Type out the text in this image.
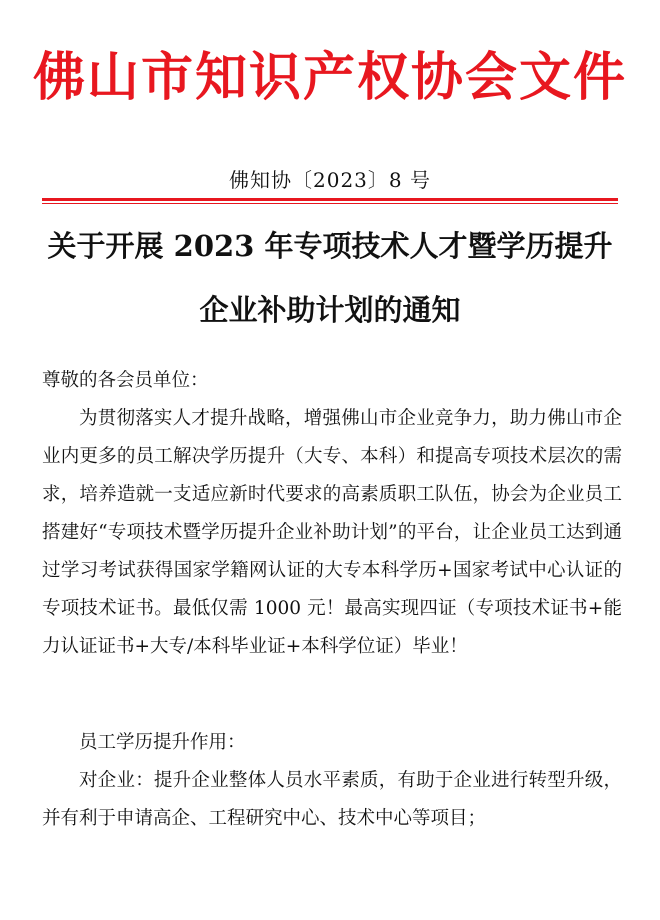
佛山市知识产权协会文件
佛知协〔2023〕8 号
关于开展 2023 年专项技术人才暨学历提升
企业补助计划的通知
尊敬的各会员单位：
为贯彻落实人才提升战略，增强佛山市企业竞争力，助力佛山市企业内更多的员工解决学历提升（大专、本科）和提高专项技术层次的需求，培养造就一支适应新时代要求的高素质职工队伍，协会为企业员工搭建好“专项技术暨学历提升企业补助计划”的平台，让企业员工达到通过学习考试获得国家学籍网认证的大专本科学历+国家考试中心认证的专项技术证书。最低仅需 1000 元！最高实现四证（专项技术证书+能力认证证书+大专/本科毕业证+本科学位证）毕业！
员工学历提升作用：
对企业：提升企业整体人员水平素质，有助于企业进行转型升级，并有利于申请高企、工程研究中心、技术中心等项目；
